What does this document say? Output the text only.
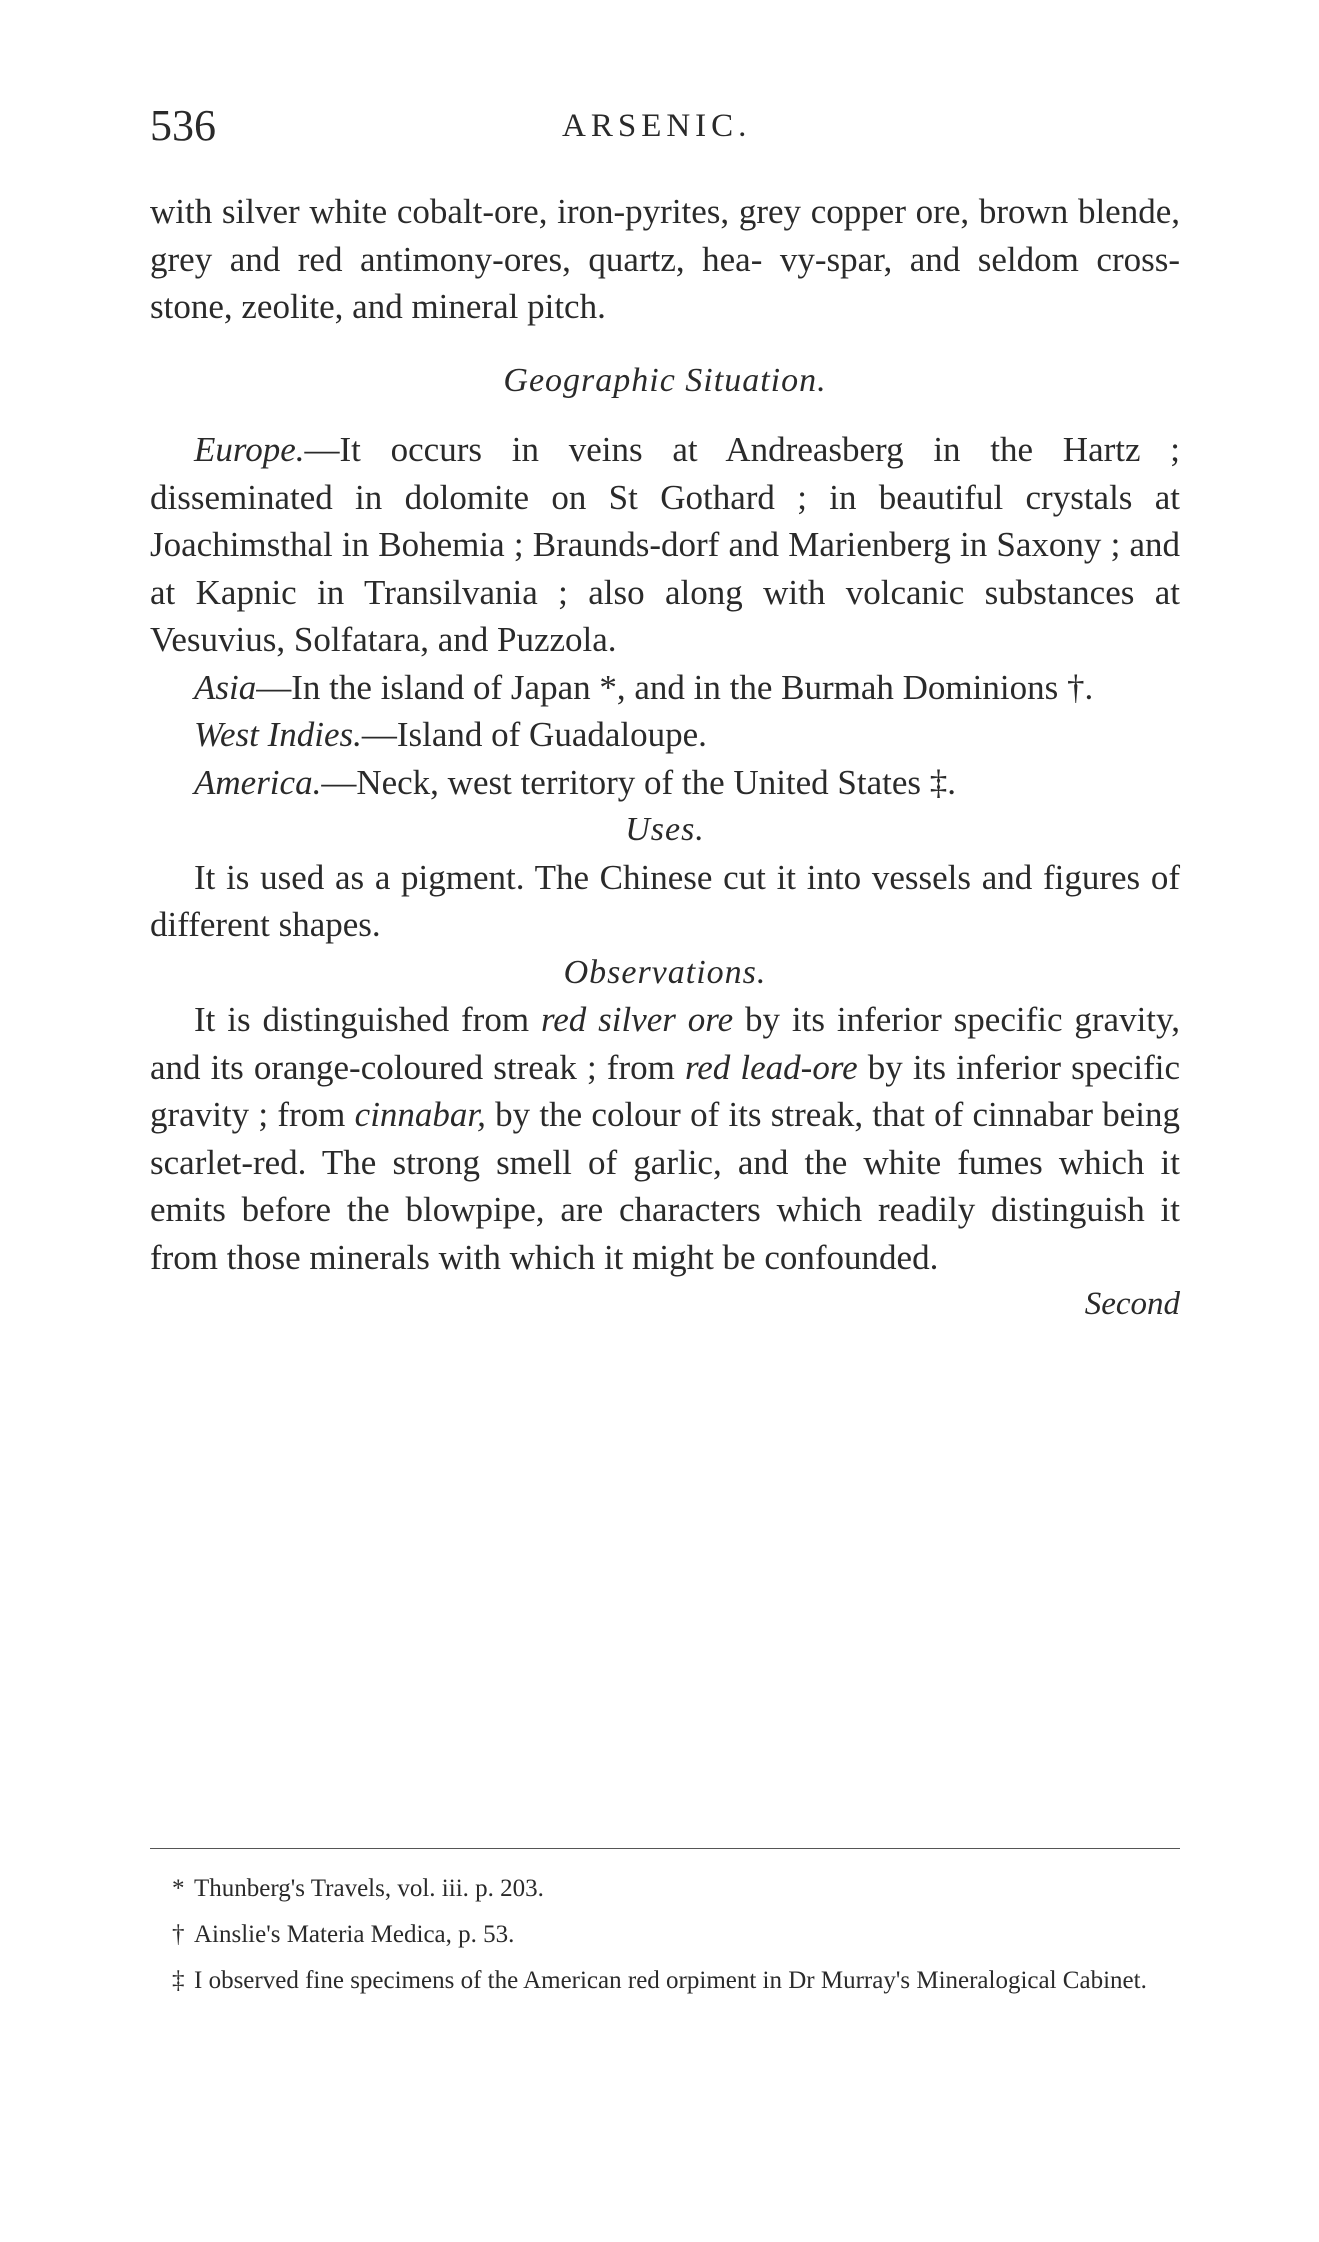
536	ARSENIC.

with silver white cobalt-ore, iron-pyrites, grey copper ore, brown blende, grey and red antimony-ores, quartz, hea- vy-spar, and seldom cross-stone, zeolite, and mineral pitch.

Geographic Situation.

Europe.—It occurs in veins at Andreasberg in the Hartz ; disseminated in dolomite on St Gothard ; in beautiful crystals at Joachimsthal in Bohemia ; Braunds-dorf and Marienberg in Saxony ; and at Kapnic in Transilvania ; also along with volcanic substances at Vesuvius, Solfatara, and Puzzola.

Asia—In the island of Japan *, and in the Burmah Dominions †.

West Indies.—Island of Guadaloupe.

America.—Neck, west territory of the United States ‡.

Uses.

It is used as a pigment. The Chinese cut it into vessels and figures of different shapes.

Observations.

It is distinguished from red silver ore by its inferior specific gravity, and its orange-coloured streak ; from red lead-ore by its inferior specific gravity ; from cinnabar, by the colour of its streak, that of cinnabar being scarlet-red. The strong smell of garlic, and the white fumes which it emits before the blowpipe, are characters which readily distinguish it from those minerals with which it might be confounded.

Second

* Thunberg's Travels, vol. iii. p. 203.

† Ainslie's Materia Medica, p. 53.

‡ I observed fine specimens of the American red orpiment in Dr Murray's Mineralogical Cabinet.
